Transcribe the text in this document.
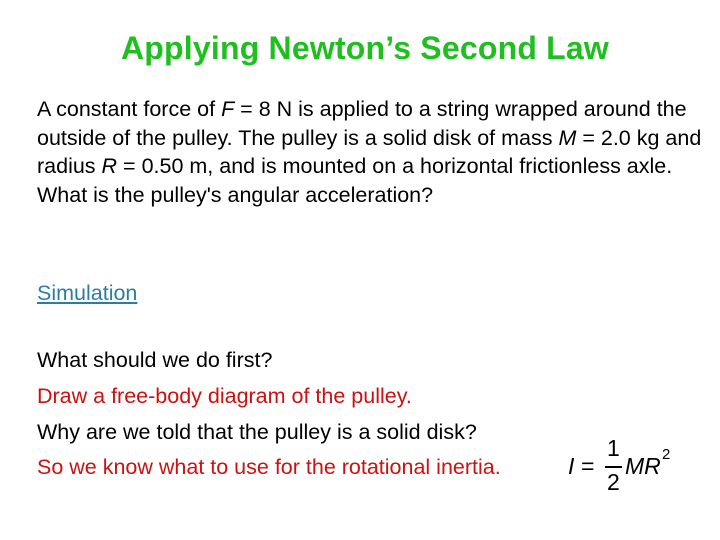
Applying Newton’s Second Law

A constant force of F = 8 N is applied to a string wrapped around the outside of the pulley. The pulley is a solid disk of mass M = 2.0 kg and radius R = 0.50 m, and is mounted on a horizontal frictionless axle. What is the pulley's angular acceleration?

Simulation
What should we do first?
Draw a free-body diagram of the pulley.
Why are we told that the pulley is a solid disk?
So we know what to use for the rotational inertia.	I =
1
2
MR 2
